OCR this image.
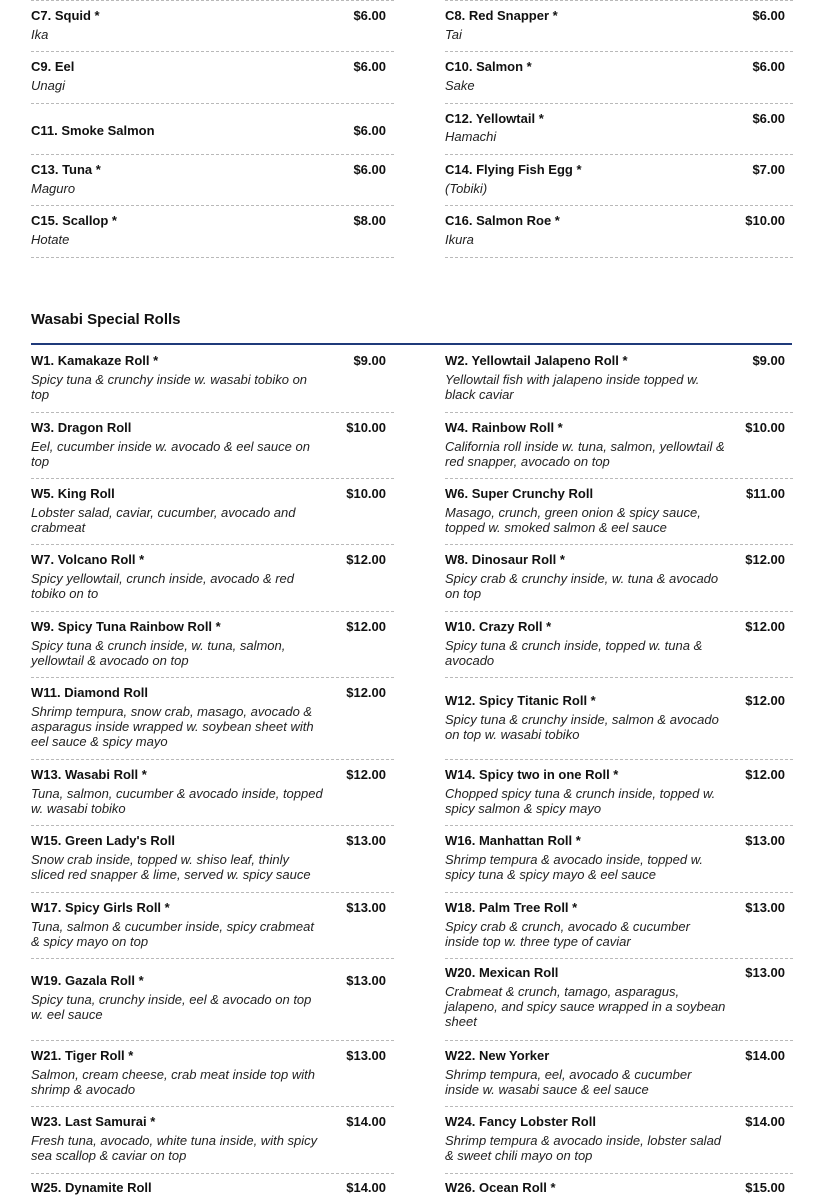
C7. Squid *
Ika
$6.00
C9. Eel
Unagi
$6.00
C11. Smoke Salmon	$6.00
C13. Tuna *
Maguro
$6.00
C15. Scallop *
Hotate
$8.00
C8. Red Snapper *
Tai
$6.00
C10. Salmon *
Sake
$6.00
C12. Yellowtail *
Hamachi
$6.00
C14. Flying Fish Egg *
(Tobiki)
$7.00
C16. Salmon Roe *
Ikura
$10.00
Wasabi Special Rolls
W1. Kamakaze Roll *
Spicy tuna & crunchy inside w. wasabi tobiko on top
$9.00
W3. Dragon Roll
Eel, cucumber inside w. avocado & eel sauce on top
$10.00
W5. King Roll
Lobster salad, caviar, cucumber, avocado and crabmeat
$10.00
W7. Volcano Roll *
Spicy yellowtail, crunch inside, avocado & red tobiko on to
$12.00
W9. Spicy Tuna Rainbow Roll *
Spicy tuna & crunch inside, w. tuna, salmon, yellowtail & avocado on top
$12.00
W11. Diamond Roll
Shrimp tempura, snow crab, masago, avocado & asparagus inside wrapped w. soybean sheet with eel sauce & spicy mayo
$12.00
W13. Wasabi Roll *
Tuna, salmon, cucumber & avocado inside, topped w. wasabi tobiko
$12.00
W15. Green Lady's Roll
Snow crab inside, topped w. shiso leaf, thinly sliced red snapper & lime, served w. spicy sauce
$13.00
W17. Spicy Girls Roll *
Tuna, salmon & cucumber inside, spicy crabmeat & spicy mayo on top
$13.00
W19. Gazala Roll *
Spicy tuna, crunchy inside, eel & avocado on top w. eel sauce
$13.00
W21. Tiger Roll *
Salmon, cream cheese, crab meat inside top with shrimp & avocado
$13.00
W23. Last Samurai *
Fresh tuna, avocado, white tuna inside, with spicy sea scallop & caviar on top
$14.00
W25. Dynamite Roll	$14.00
W2. Yellowtail Jalapeno Roll *
Yellowtail fish with jalapeno inside topped w. black caviar
$9.00
W4. Rainbow Roll *
California roll inside w. tuna, salmon, yellowtail & red snapper, avocado on top
$10.00
W6. Super Crunchy Roll
Masago, crunch, green onion & spicy sauce, topped w. smoked salmon & eel sauce
$11.00
W8. Dinosaur Roll *
Spicy crab & crunchy inside, w. tuna & avocado on top
$12.00
W10. Crazy Roll *
Spicy tuna & crunch inside, topped w. tuna & avocado
$12.00
W12. Spicy Titanic Roll *
Spicy tuna & crunchy inside, salmon & avocado on top w. wasabi tobiko
$12.00
W14. Spicy two in one Roll *
Chopped spicy tuna & crunch inside, topped w. spicy salmon & spicy mayo
$12.00
W16. Manhattan Roll *
Shrimp tempura & avocado inside, topped w. spicy tuna & spicy mayo & eel sauce
$13.00
W18. Palm Tree Roll *
Spicy crab & crunch, avocado & cucumber inside top w. three type of caviar
$13.00
W20. Mexican Roll
Crabmeat & crunch, tamago, asparagus, jalapeno, and spicy sauce wrapped in a soybean sheet
$13.00
W22. New Yorker
Shrimp tempura, eel, avocado & cucumber inside w. wasabi sauce & eel sauce
$14.00
W24. Fancy Lobster Roll
Shrimp tempura & avocado inside, lobster salad & sweet chili mayo on top
$14.00
W26. Ocean Roll *	$15.00
